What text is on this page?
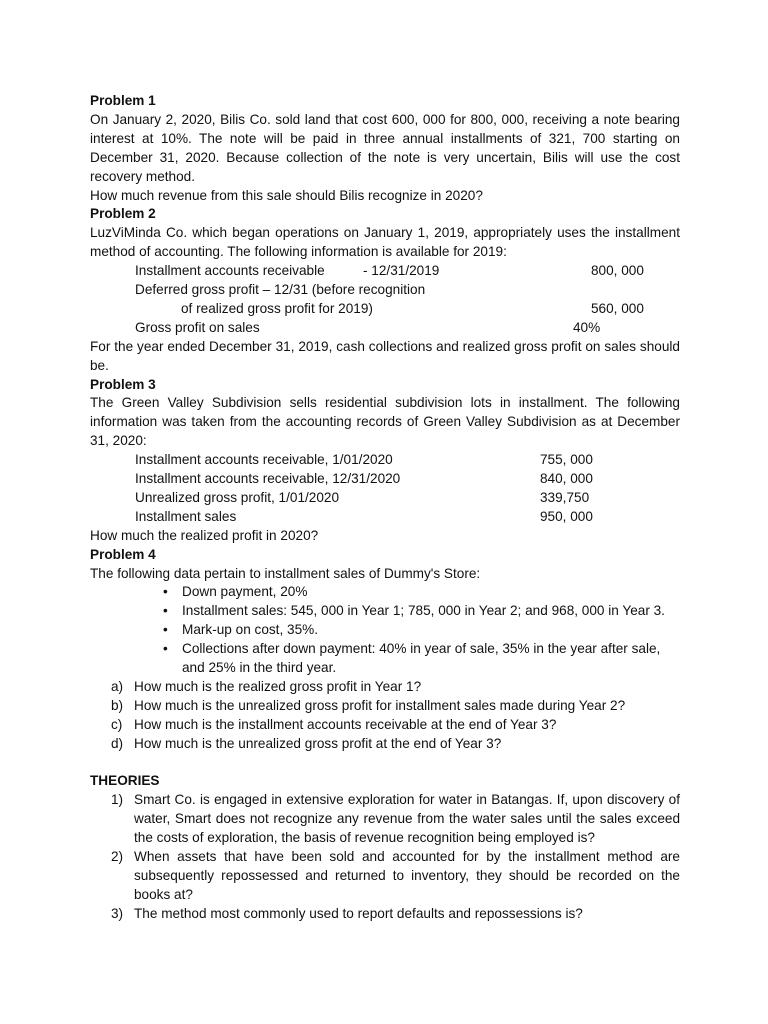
Problem 1
On January 2, 2020, Bilis Co. sold land that cost 600, 000 for 800, 000, receiving a note bearing interest at 10%. The note will be paid in three annual installments of 321, 700 starting on December 31, 2020. Because collection of the note is very uncertain, Bilis will use the cost recovery method.
How much revenue from this sale should Bilis recognize in 2020?
Problem 2
LuzViMinda Co. which began operations on January 1, 2019, appropriately uses the installment method of accounting. The following information is available for 2019:
Installment accounts receivable	- 12/31/2019	800, 000
Deferred gross profit – 12/31 (before recognition
of realized gross profit for 2019)	560, 000
Gross profit on sales	40%
For the year ended December 31, 2019, cash collections and realized gross profit on sales should be.
Problem 3
The Green Valley Subdivision sells residential subdivision lots in installment. The following information was taken from the accounting records of Green Valley Subdivision as at December 31, 2020:
Installment accounts receivable, 1/01/2020	755, 000
Installment accounts receivable, 12/31/2020	840, 000
Unrealized gross profit, 1/01/2020	339,750
Installment sales	950, 000
How much the realized profit in 2020?
Problem 4
The following data pertain to installment sales of Dummy's Store:
• Down payment, 20%
• Installment sales: 545, 000 in Year 1; 785, 000 in Year 2; and 968, 000 in Year 3.
• Mark-up on cost, 35%.
• Collections after down payment: 40% in year of sale, 35% in the year after sale, and 25% in the third year.
a) How much is the realized gross profit in Year 1?
b) How much is the unrealized gross profit for installment sales made during Year 2?
c) How much is the installment accounts receivable at the end of Year 3?
d) How much is the unrealized gross profit at the end of Year 3?
THEORIES
1) Smart Co. is engaged in extensive exploration for water in Batangas. If, upon discovery of water, Smart does not recognize any revenue from the water sales until the sales exceed the costs of exploration, the basis of revenue recognition being employed is?
2) When assets that have been sold and accounted for by the installment method are subsequently repossessed and returned to inventory, they should be recorded on the books at?
3) The method most commonly used to report defaults and repossessions is?
